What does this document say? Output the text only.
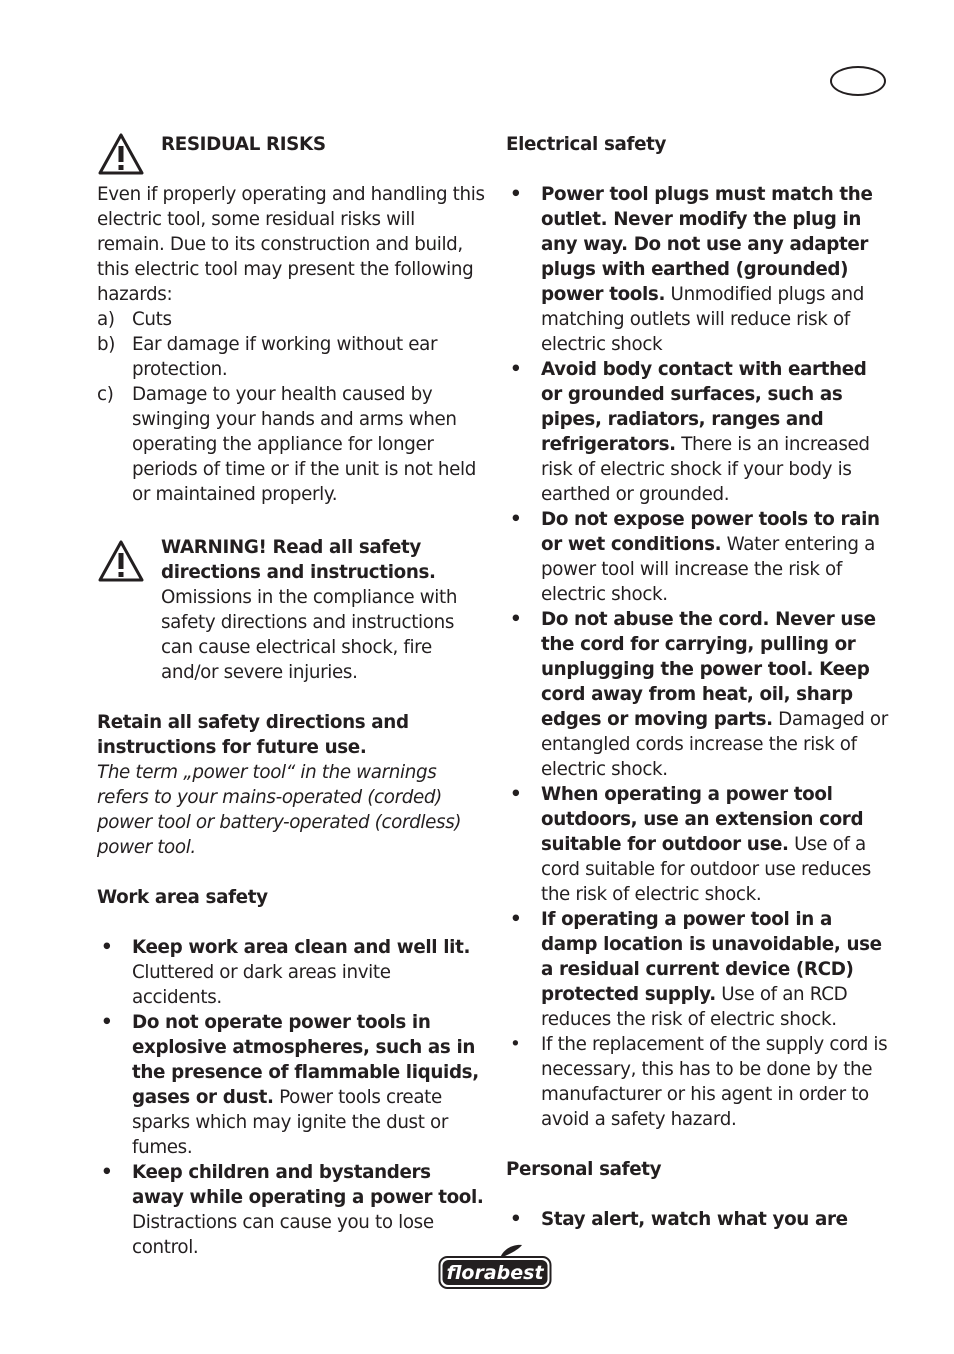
RESIDUAL RISKS

Even if properly operating and handling this electric tool, some residual risks will remain. Due to its construction and build, this electric tool may present the following hazards:

a) Cuts

b) Ear damage if working without ear protection.

c) Damage to your health caused by swinging your hands and arms when operating the appliance for longer periods of time or if the unit is not held or maintained properly.

WARNING! Read all safety directions and instructions. Omissions in the compliance with safety directions and instructions can cause electrical shock, fire and/or severe injuries.

Retain all safety directions and instructions for future use.

The term „power tool“ in the warnings refers to your mains-operated (corded) power tool or battery-operated (cordless) power tool.

Work area safety

• Keep work area clean and well lit. Cluttered or dark areas invite accidents.

• Do not operate power tools in explosive atmospheres, such as in the presence of flammable liquids, gases or dust. Power tools create sparks which may ignite the dust or fumes.

• Keep children and bystanders away while operating a power tool. Distractions can cause you to lose control.

Electrical safety

• Power tool plugs must match the outlet. Never modify the plug in any way. Do not use any adapter plugs with earthed (grounded) power tools. Unmodified plugs and matching outlets will reduce risk of electric shock

• Avoid body contact with earthed or grounded surfaces, such as pipes, radiators, ranges and refrigerators. There is an increased risk of electric shock if your body is earthed or grounded.

• Do not expose power tools to rain or wet conditions. Water entering a power tool will increase the risk of electric shock.

• Do not abuse the cord. Never use the cord for carrying, pulling or unplugging the power tool. Keep cord away from heat, oil, sharp edges or moving parts. Damaged or entangled cords increase the risk of electric shock.

• When operating a power tool outdoors, use an extension cord suitable for outdoor use. Use of a cord suitable for outdoor use reduces the risk of electric shock.

• If operating a power tool in a damp location is unavoidable, use a residual current device (RCD) protected supply. Use of an RCD reduces the risk of electric shock.

• If the replacement of the supply cord is necessary, this has to be done by the manufacturer or his agent in order to avoid a safety hazard.

Personal safety

• Stay alert, watch what you are

florabest
